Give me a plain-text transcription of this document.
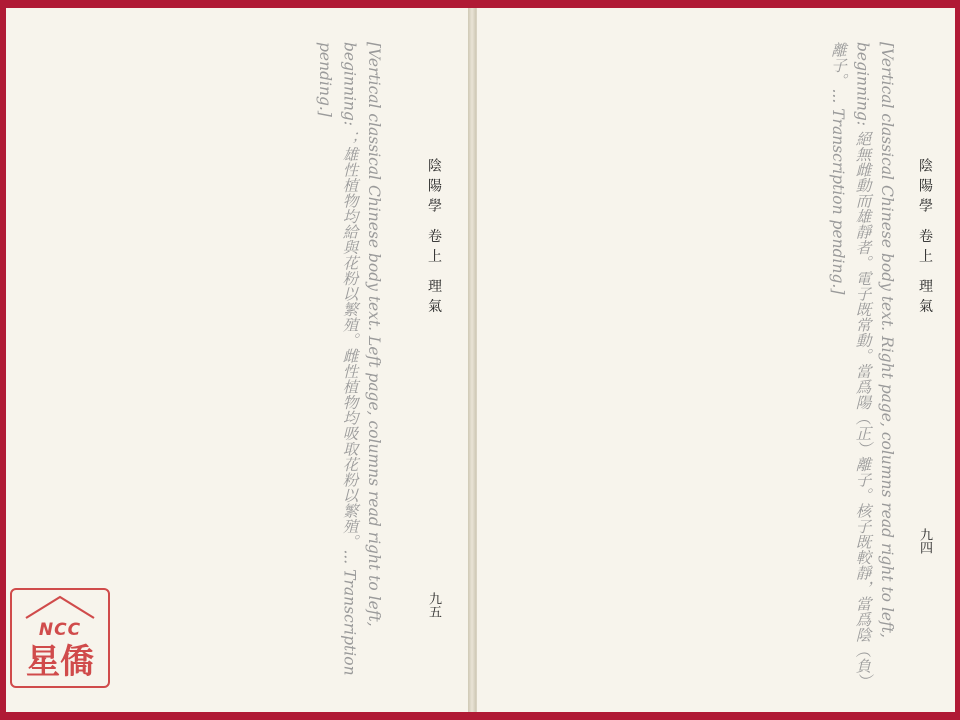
陰陽學 卷上 理氣
九五
[Vertical classical Chinese body text. Left page, columns read right to left, beginning: ；雄性植物均給與花粉以繁殖。雌性植物均吸取花粉以繁殖。... Transcription pending.]
陰陽學 卷上 理氣
九四
[Vertical classical Chinese body text. Right page, columns read right to left, beginning: 絕無雌動而雄靜者。電子既常動。當爲陽（正）離子。核子既較靜，當爲陰（負）離子。... Transcription pending.]
NCC
星僑
